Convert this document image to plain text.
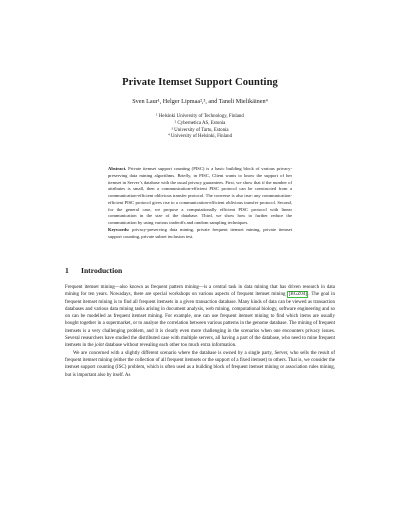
Private Itemset Support Counting
Sven Laur¹, Helger Lipmaa²,³, and Taneli Mielikäinen⁴
¹ Helsinki University of Technology, Finland
² Cybernetica AS, Estonia
³ University of Tartu, Estonia
⁴ University of Helsinki, Finland
Abstract. Private itemset support counting (PISC) is a basic building block of various privacy-preserving data mining algorithms. Briefly, in PISC, Client wants to know the support of her itemset in Server’s database with the usual privacy guarantees. First, we show that if the number of attributes is small, then a communication-efficient PISC protocol can be constructed from a communication-efficient oblivious transfer protocol. The converse is also true: any communication-efficient PISC protocol gives rise to a communication-efficient oblivious transfer protocol. Second, for the general case, we propose a computationally efficient PISC protocol with linear communication in the size of the database. Third, we show how to further reduce the communication by using various tradeoffs and random sampling techniques.
Keywords: privacy-preserving data mining, private frequent itemset mining, private itemset support counting, private subset inclusion test.
1 Introduction

Frequent itemset mining—also known as frequent pattern mining—is a central task in data mining that has driven research in data mining for ten years. Nowadays, there are special workshops on various aspects of frequent itemset mining [BGZ04] . The goal in frequent itemset mining is to find all frequent itemsets in a given transaction database. Many kinds of data can be viewed as transaction databases and various data mining tasks arising in document analysis, web mining, computational biology, software engineering and so on can be modelled as frequent itemset mining. For example, one can use frequent itemset mining to find which items are usually bought together in a supermarket, or to analyse the correlation between various patterns in the genome database. The mining of frequent itemsets is a very challenging problem, and it is clearly even more challenging in the scenarios when one encounters privacy issues. Several researchers have studied the distributed case with multiple servers, all having a part of the database, who need to mine frequent itemsets in the joint database without revealing each other too much extra information.

We are concerned with a slightly different scenario where the database is owned by a single party, Server, who sells the result of frequent itemset mining (either the collection of all frequent itemsets or the support of a fixed itemset) to others. That is, we consider the itemset support counting (ISC) problem, which is often used as a building block of frequent itemset mining or association rules mining, but is important also by itself. As
